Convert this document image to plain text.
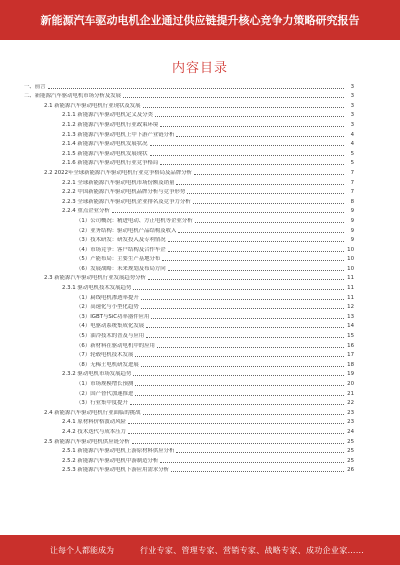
新能源汽车驱动电机企业通过供应链提升核心竞争力策略研究报告
内容目录
一、前言	3
二、新能源汽车驱动电机市场分析及发展	3
2.1 新能源汽车驱动电机行业现状及发展	3
2.1.1 新能源汽车驱动电机定义及分类	3
2.1.2 新能源汽车驱动电机行业政策环境	3
2.1.3 新能源汽车驱动电机上中下游产业链分析	4
2.1.4 新能源汽车驱动电机发展状况	4
2.1.5 新能源汽车驱动电机发展现状	5
2.1.6 新能源汽车驱动电机行业竞争格局	5
2.2 2022年全球新能源汽车驱动电机行业竞争格局及品牌分析	7
2.2.1 全球新能源汽车驱动电机市场份额及销量	7
2.2.2 中国新能源汽车驱动电机品牌分析与竞争形势	7
2.2.3 全球新能源汽车驱动电机企业排名及竞争力分析	8
2.2.4 重点企业分析	9
（1）公司概况：精进电动、方正电机等企业分析	9
（2）业务结构：驱动电机产品结构及收入	9
（3）技术研发：研发投入及专利情况	9
（4）市场竞争：客户结构及合作车企	10
（5）产能布局：主要生产基地分布	10
（6）发展战略：未来规划及布局方向	10
2.3 新能源汽车驱动电机行业发展趋势分析	11
2.3.1 驱动电机技术发展趋势	11
（1）扁线电机渗透率提升	11
（2）高速化与小型化趋势	12
（3）IGBT与SiC功率器件应用	13
（4）电驱动系统集成化发展	14
（5）油冷技术的普及与应用	15
（6）新材料在驱动电机中的应用	16
（7）轮毂电机技术发展	17
（8）无稀土电机研发进展	18
2.3.2 驱动电机市场发展趋势	19
（1）市场规模增长预测	20
（2）国产替代加速推进	21
（3）行业集中度提升	22
2.4 新能源汽车驱动电机行业面临的挑战	23
2.4.1 原材料价格波动风险	23
2.4.2 技术迭代与成本压力	24
2.5 新能源汽车驱动电机供应链分析	25
2.5.1 新能源汽车驱动电机上游原材料供应分析	25
2.5.2 新能源汽车驱动电机中游制造分析	25
2.5.3 新能源汽车驱动电机下游应用需求分析	26
让每个人都能成为	行业专家、管理专家、营销专家、战略专家、成功企业家……
